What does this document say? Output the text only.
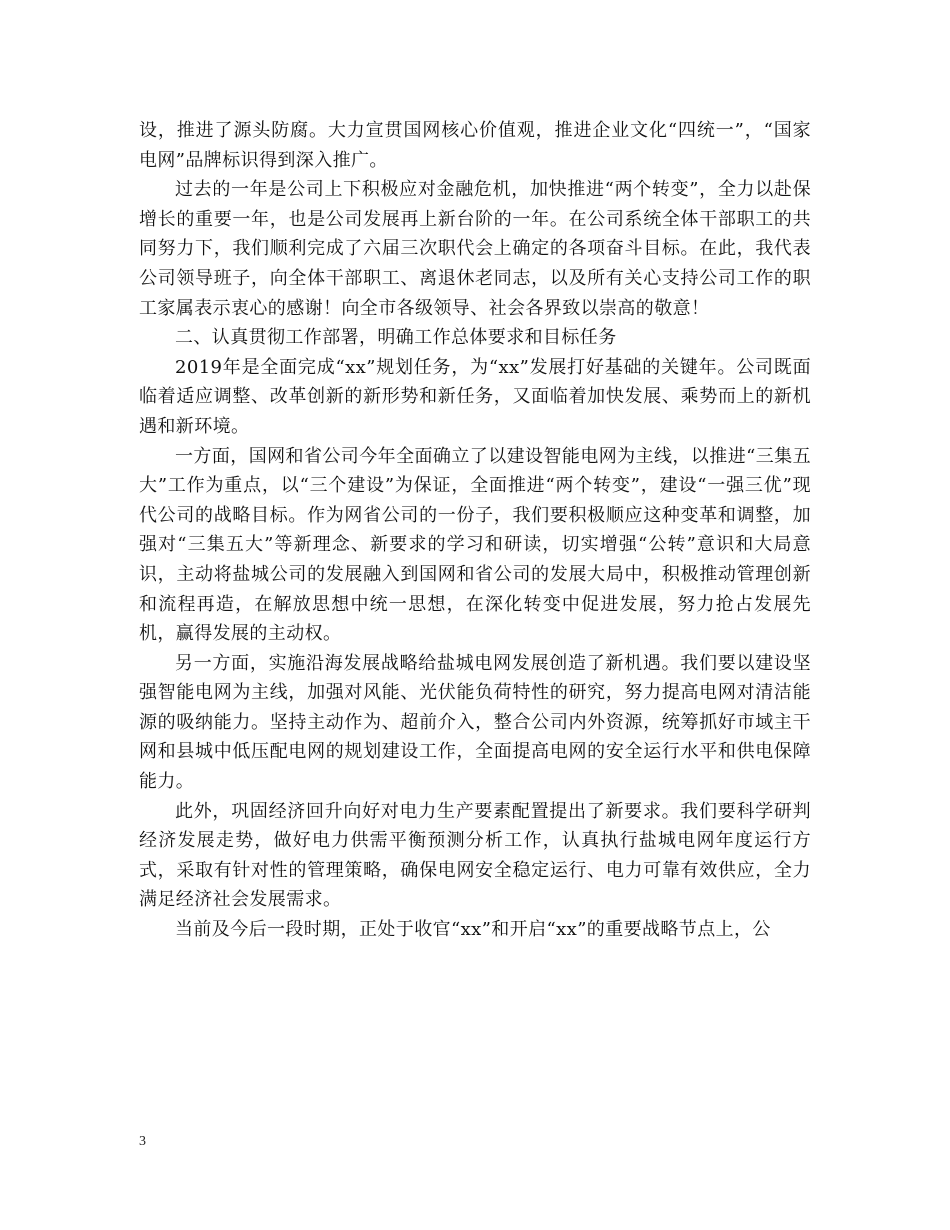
设，推进了源头防腐。大力宣贯国网核心价值观，推进企业文化“四统一”，“国家电网”品牌标识得到深入推广。

过去的一年是公司上下积极应对金融危机，加快推进“两个转变”，全力以赴保增长的重要一年，也是公司发展再上新台阶的一年。在公司系统全体干部职工的共同努力下，我们顺利完成了六届三次职代会上确定的各项奋斗目标。在此，我代表公司领导班子，向全体干部职工、离退休老同志，以及所有关心支持公司工作的职工家属表示衷心的感谢！向全市各级领导、社会各界致以崇高的敬意！

二、认真贯彻工作部署，明确工作总体要求和目标任务

2019年是全面完成“xx”规划任务，为“xx”发展打好基础的关键年。公司既面临着适应调整、改革创新的新形势和新任务，又面临着加快发展、乘势而上的新机遇和新环境。

一方面，国网和省公司今年全面确立了以建设智能电网为主线，以推进“三集五大”工作为重点，以“三个建设”为保证，全面推进“两个转变”，建设“一强三优”现代公司的战略目标。作为网省公司的一份子，我们要积极顺应这种变革和调整，加强对“三集五大”等新理念、新要求的学习和研读，切实增强“公转”意识和大局意识，主动将盐城公司的发展融入到国网和省公司的发展大局中，积极推动管理创新和流程再造，在解放思想中统一思想，在深化转变中促进发展，努力抢占发展先机，赢得发展的主动权。

另一方面，实施沿海发展战略给盐城电网发展创造了新机遇。我们要以建设坚强智能电网为主线，加强对风能、光伏能负荷特性的研究，努力提高电网对清洁能源的吸纳能力。坚持主动作为、超前介入，整合公司内外资源，统筹抓好市域主干网和县城中低压配电网的规划建设工作，全面提高电网的安全运行水平和供电保障能力。

此外，巩固经济回升向好对电力生产要素配置提出了新要求。我们要科学研判经济发展走势，做好电力供需平衡预测分析工作，认真执行盐城电网年度运行方式，采取有针对性的管理策略，确保电网安全稳定运行、电力可靠有效供应，全力满足经济社会发展需求。

当前及今后一段时期，正处于收官“xx”和开启“xx”的重要战略节点上，公

3
